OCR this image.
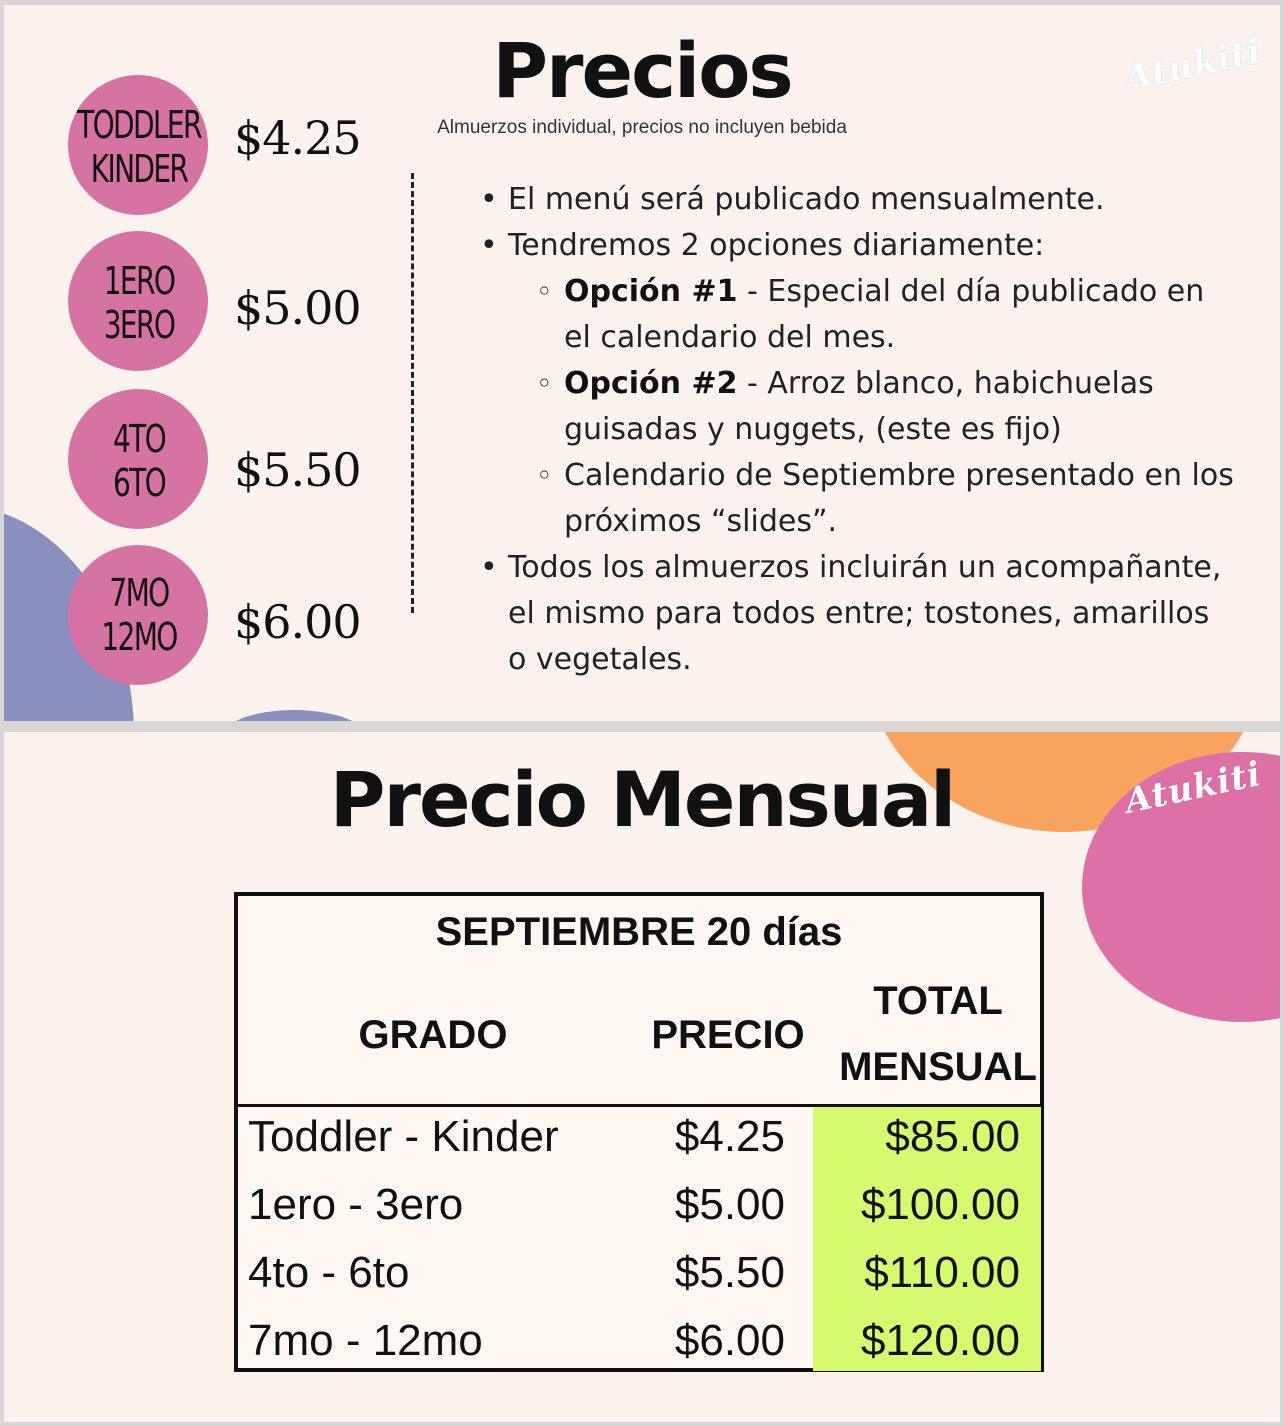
Atukiti
Precios
Almuerzos individual, precios no incluyen bebida
TODDLER
KINDER
$4.25
1ERO
3ERO	$5.00
4TO
6TO	$5.50
7MO
12MO	$6.00
• El menú será publicado mensualmente.
• Tendremos 2 opciones diariamente:
◦ Opción #1 - Especial del día publicado en el calendario del mes.
◦ Opción #2 - Arroz blanco, habichuelas guisadas y nuggets, (este es fijo)
◦ Calendario de Septiembre presentado en los próximos “slides”.
• Todos los almuerzos incluirán un acompañante, el mismo para todos entre; tostones, amarillos o vegetales.
Atukiti
Precio Mensual
SEPTIEMBRE 20 días
GRADO	PRECIO
TOTAL
MENSUAL
Toddler - Kinder	$4.25 $85.00
1ero - 3ero	$5.00 $100.00
4to - 6to	$5.50 $110.00
7mo - 12mo	$6.00 $120.00
